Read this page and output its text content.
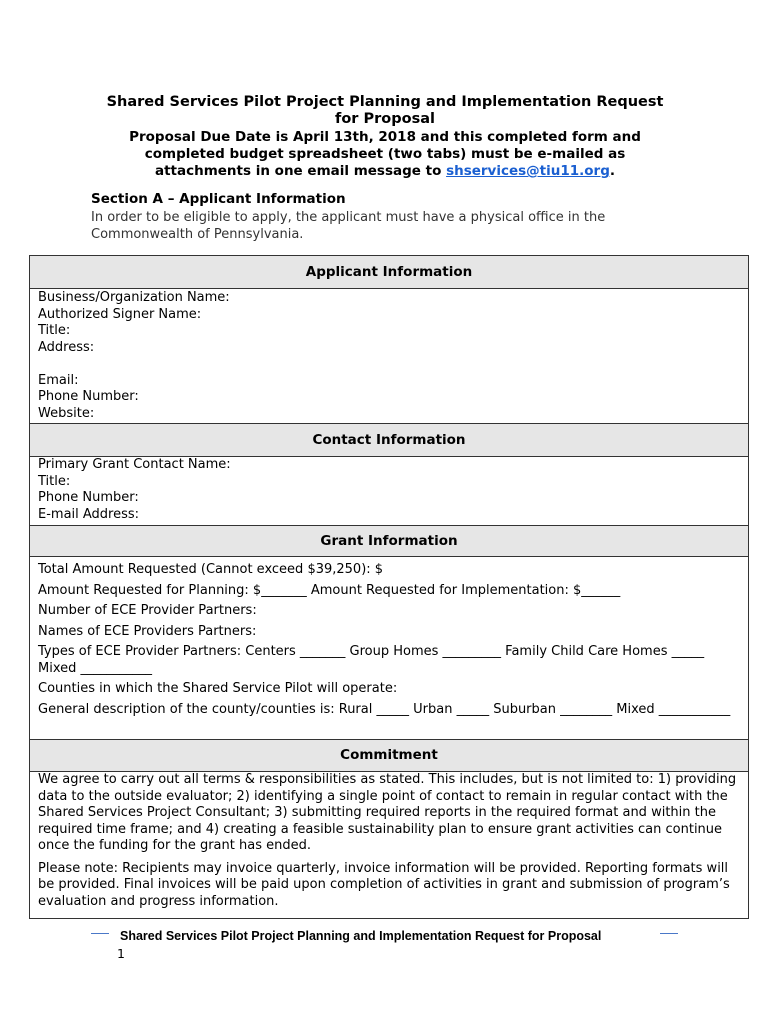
Shared Services Pilot Project Planning and Implementation Request
for Proposal
Proposal Due Date is April 13th, 2018 and this completed form and
completed budget spreadsheet (two tabs) must be e-mailed as
attachments in one email message to shservices@tiu11.org.
Section A – Applicant Information
In order to be eligible to apply, the applicant must have a physical office in the Commonwealth of Pennsylvania.
Applicant Information

Business/Organization Name:
Authorized Signer Name:
Title:
Address:
Email:
Phone Number:
Website:

Contact Information

Primary Grant Contact Name:
Title:
Phone Number:
E-mail Address:

Grant Information

Total Amount Requested (Cannot exceed $39,250): $
Amount Requested for Planning: $_______ Amount Requested for Implementation: $______
Number of ECE Provider Partners:
Names of ECE Providers Partners:
Types of ECE Provider Partners: Centers _______ Group Homes _________ Family Child Care Homes _____ Mixed ___________
Counties in which the Shared Service Pilot will operate:
General description of the county/counties is: Rural _____ Urban _____ Suburban ________ Mixed ___________

Commitment

We agree to carry out all terms & responsibilities as stated. This includes, but is not limited to: 1) providing data to the outside evaluator; 2) identifying a single point of contact to remain in regular contact with the Shared Services Project Consultant; 3) submitting required reports in the required format and within the required time frame; and 4) creating a feasible sustainability plan to ensure grant activities can continue once the funding for the grant has ended.

Please note: Recipients may invoice quarterly, invoice information will be provided. Reporting formats will be provided. Final invoices will be paid upon completion of activities in grant and submission of program’s evaluation and progress information.

Shared Services Pilot Project Planning and Implementation Request for Proposal
1
